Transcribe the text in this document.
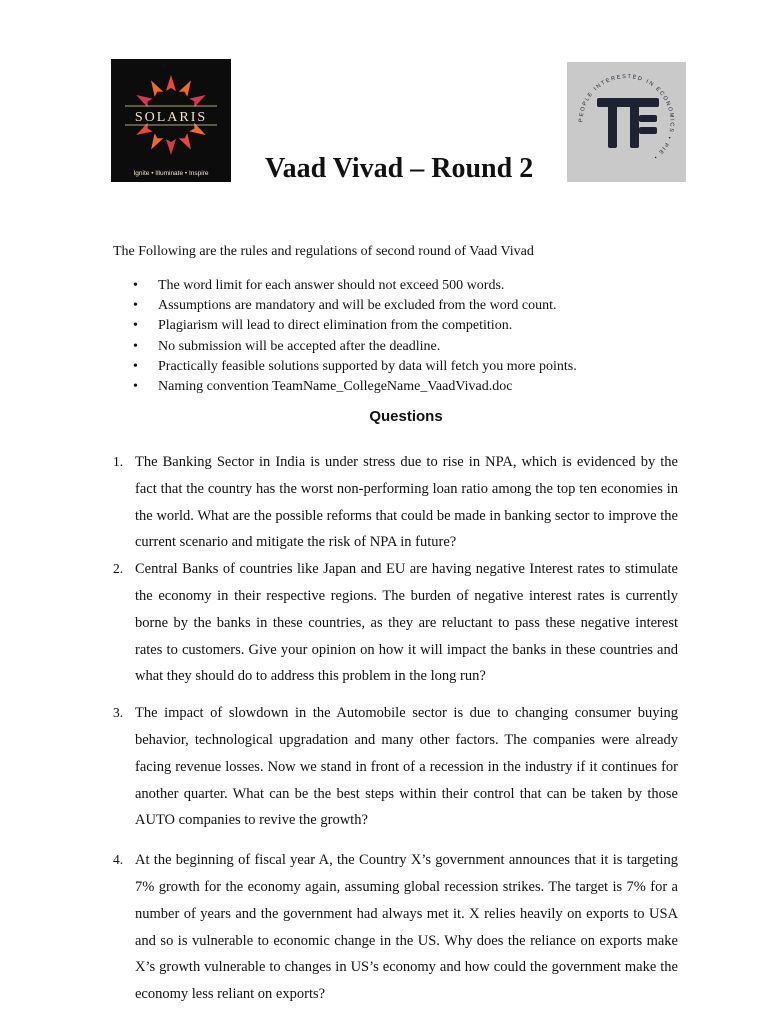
SOLARIS
Ignite • Illuminate • Inspire
PEOPLE INTERESTED IN ECONOMICS • PIE •
Vaad Vivad – Round 2
The Following are the rules and regulations of second round of Vaad Vivad
• The word limit for each answer should not exceed 500 words.
• Assumptions are mandatory and will be excluded from the word count.
• Plagiarism will lead to direct elimination from the competition.
• No submission will be accepted after the deadline.
• Practically feasible solutions supported by data will fetch you more points.
• Naming convention TeamName_CollegeName_VaadVivad.doc
Questions
1. The Banking Sector in India is under stress due to rise in NPA, which is evidenced by the fact that the country has the worst non-performing loan ratio among the top ten economies in the world. What are the possible reforms that could be made in banking sector to improve the current scenario and mitigate the risk of NPA in future?
2. Central Banks of countries like Japan and EU are having negative Interest rates to stimulate the economy in their respective regions. The burden of negative interest rates is currently borne by the banks in these countries, as they are reluctant to pass these negative interest rates to customers. Give your opinion on how it will impact the banks in these countries and what they should do to address this problem in the long run?
3. The impact of slowdown in the Automobile sector is due to changing consumer buying behavior, technological upgradation and many other factors. The companies were already facing revenue losses. Now we stand in front of a recession in the industry if it continues for another quarter. What can be the best steps within their control that can be taken by those AUTO companies to revive the growth?
4. At the beginning of fiscal year A, the Country X’s government announces that it is targeting 7% growth for the economy again, assuming global recession strikes. The target is 7% for a number of years and the government had always met it. X relies heavily on exports to USA and so is vulnerable to economic change in the US. Why does the reliance on exports make X’s growth vulnerable to changes in US’s economy and how could the government make the economy less reliant on exports?
